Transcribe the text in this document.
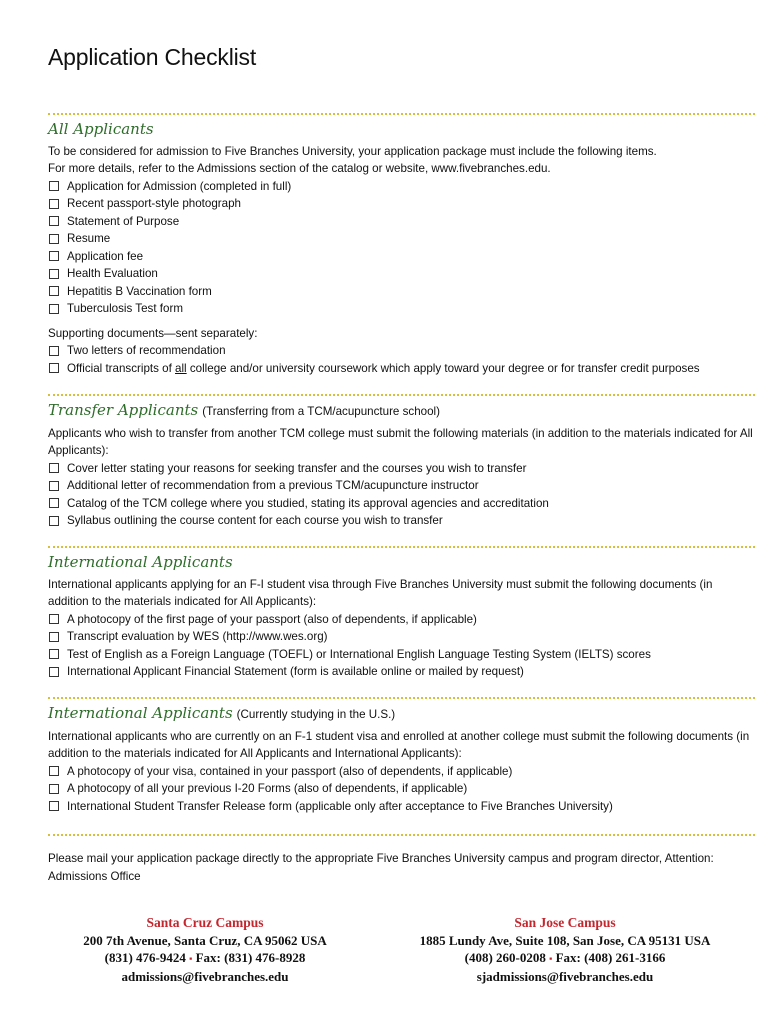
Application Checklist
All Applicants

To be considered for admission to Five Branches University, your application package must include the following items.

For more details, refer to the Admissions section of the catalog or website, www.fivebranches.edu.

Application for Admission (completed in full)
Recent passport-style photograph
Statement of Purpose
Resume
Application fee
Health Evaluation
Hepatitis B Vaccination form
Tuberculosis Test form

Supporting documents—sent separately:

Two letters of recommendation
Official transcripts of all college and/or university coursework which apply toward your degree or for transfer credit purposes
Transfer Applicants (Transferring from a TCM/acupuncture school)

Applicants who wish to transfer from another TCM college must submit the following materials (in addition to the materials indicated for All Applicants):

Cover letter stating your reasons for seeking transfer and the courses you wish to transfer
Additional letter of recommendation from a previous TCM/acupuncture instructor
Catalog of the TCM college where you studied, stating its approval agencies and accreditation
Syllabus outlining the course content for each course you wish to transfer
International Applicants

International applicants applying for an F-I student visa through Five Branches University must submit the following documents (in addition to the materials indicated for All Applicants):

A photocopy of the first page of your passport (also of dependents, if applicable)
Transcript evaluation by WES (http://www.wes.org)
Test of English as a Foreign Language (TOEFL) or International English Language Testing System (IELTS) scores
International Applicant Financial Statement (form is available online or mailed by request)
International Applicants (Currently studying in the U.S.)

International applicants who are currently on an F-1 student visa and enrolled at another college must submit the following documents (in addition to the materials indicated for All Applicants and International Applicants):

A photocopy of your visa, contained in your passport (also of dependents, if applicable)
A photocopy of all your previous I-20 Forms (also of dependents, if applicable)
International Student Transfer Release form (applicable only after acceptance to Five Branches University)

Please mail your application package directly to the appropriate Five Branches University campus and program director, Attention: Admissions Office

Santa Cruz Campus
200 7th Avenue, Santa Cruz, CA 95062 USA
(831) 476-9424 ▪ Fax: (831) 476-8928
admissions@fivebranches.edu
San Jose Campus
1885 Lundy Ave, Suite 108, San Jose, CA 95131 USA
(408) 260-0208 ▪ Fax: (408) 261-3166
sjadmissions@fivebranches.edu
